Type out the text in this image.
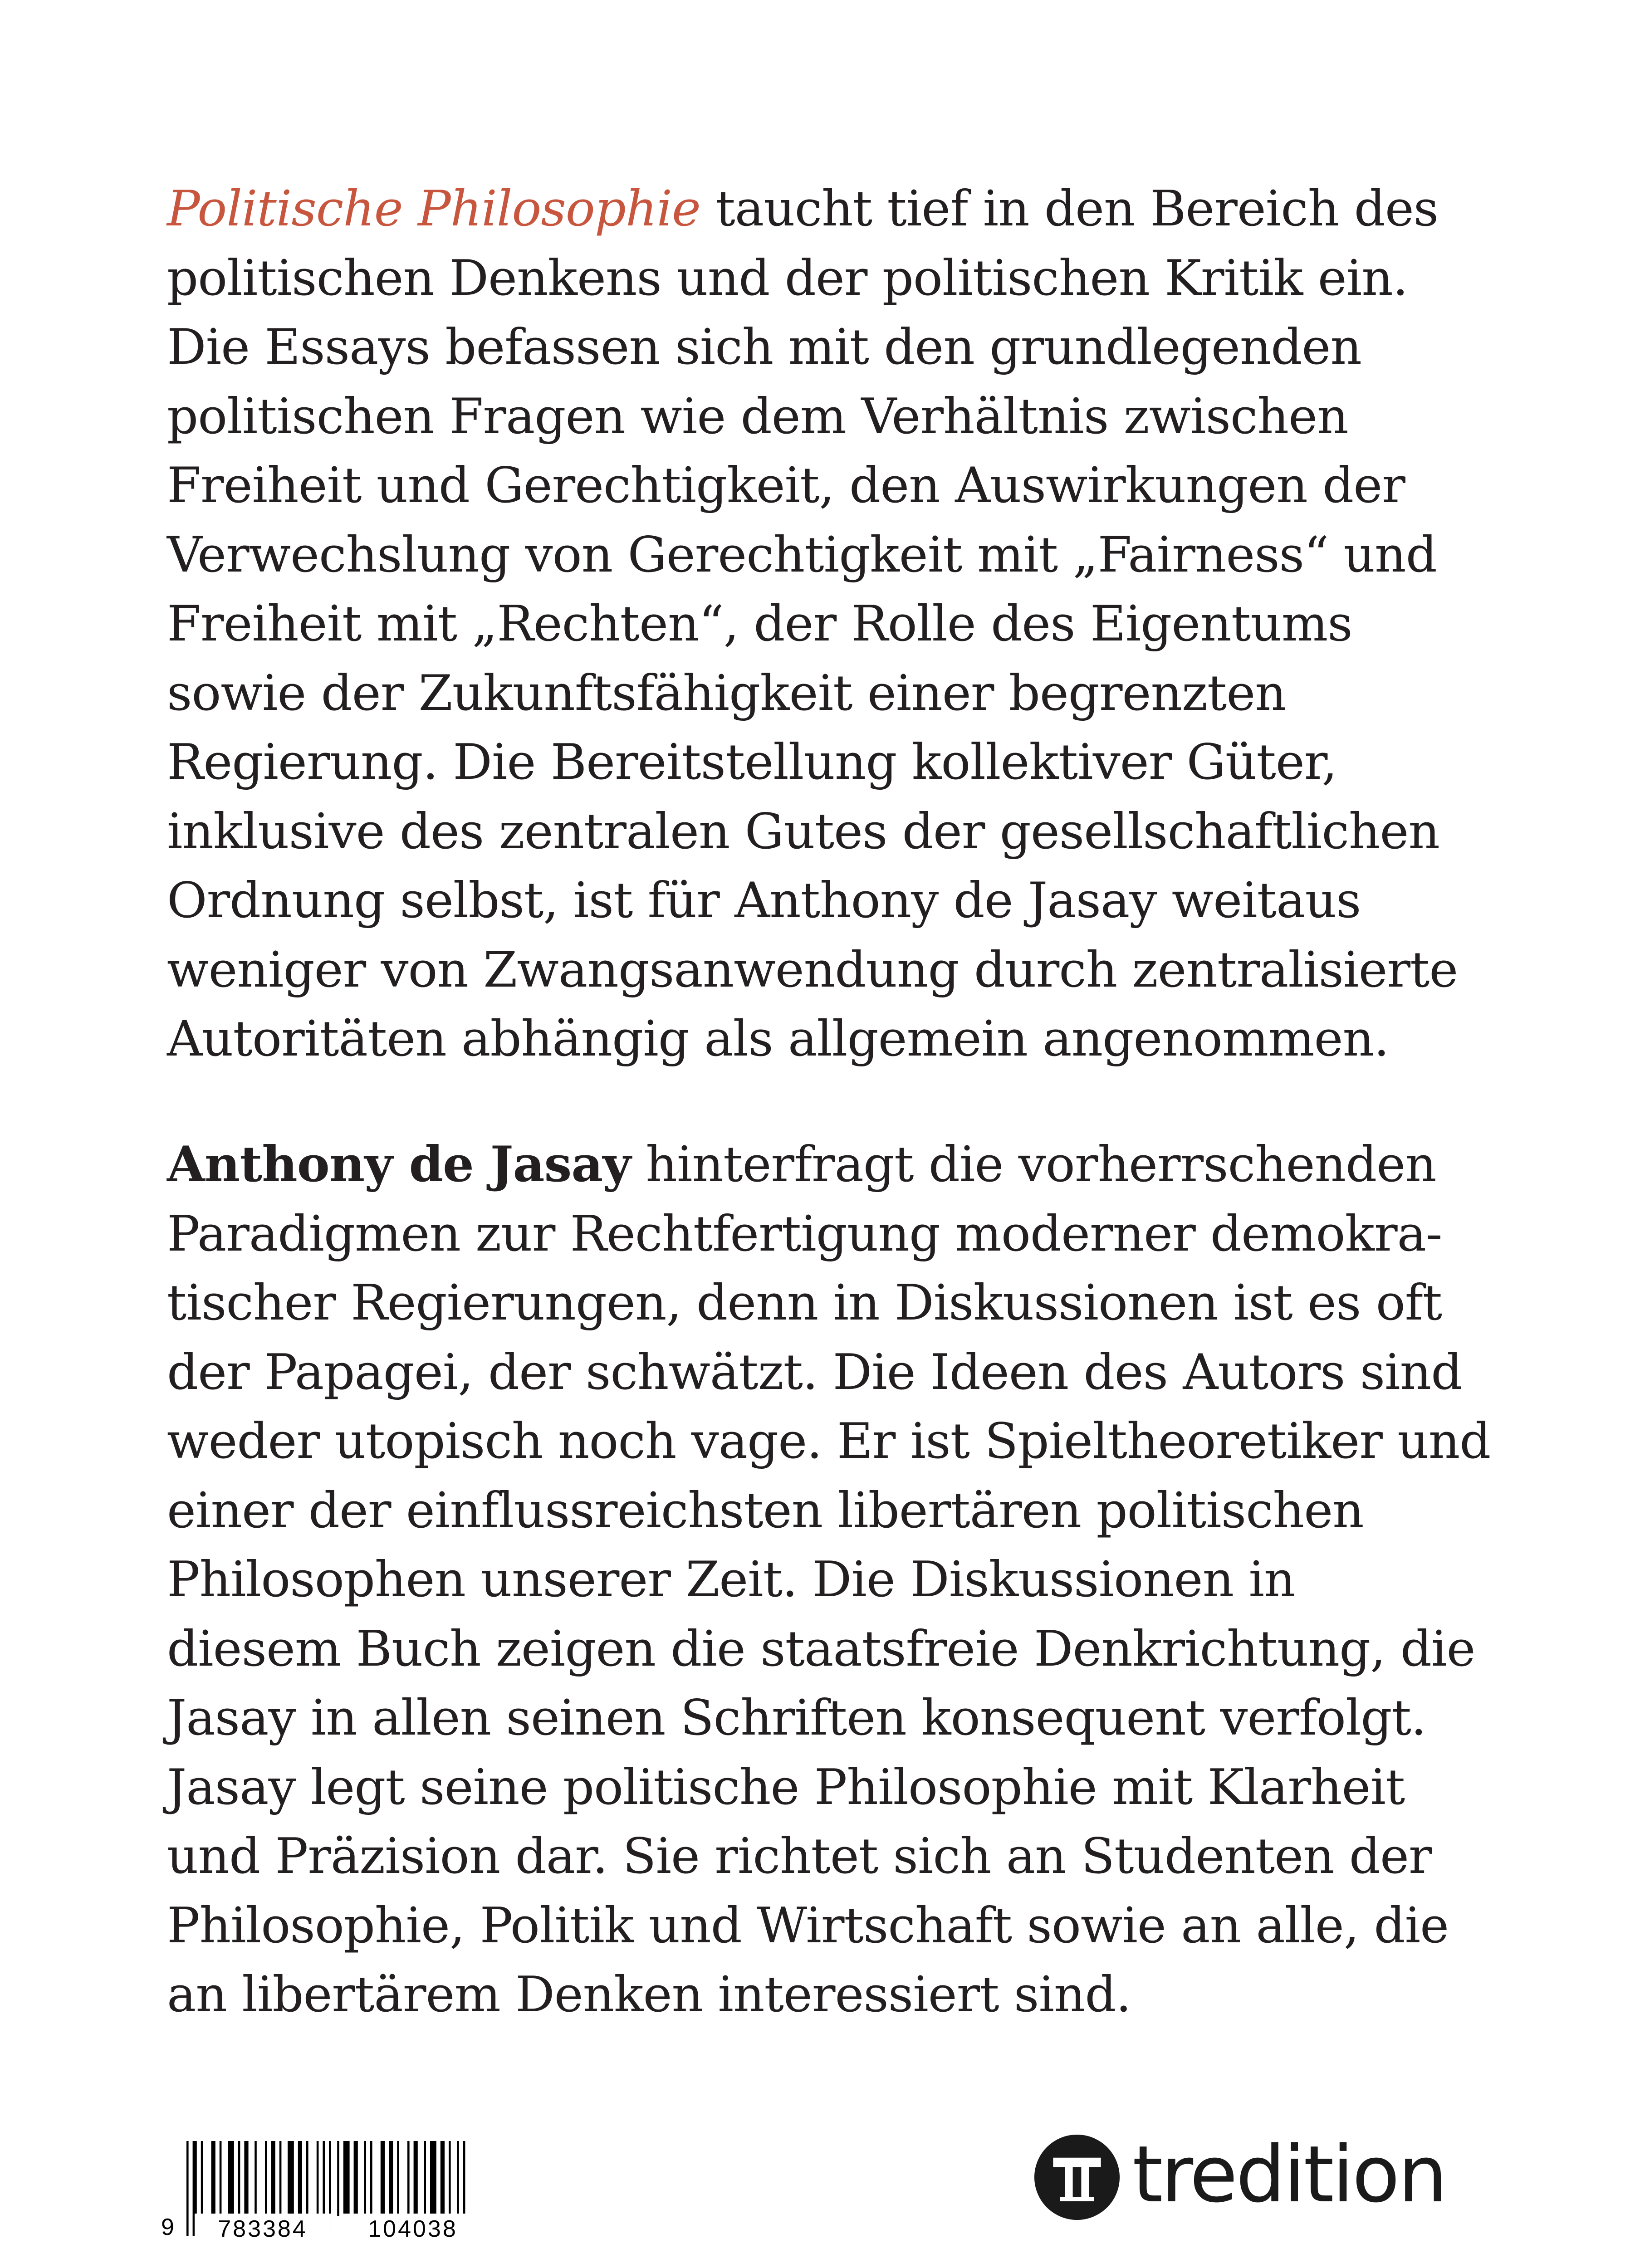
Politische Philosophie taucht tief in den Bereich des
politischen Denkens und der politischen Kritik ein.
Die Essays befassen sich mit den grundlegenden
politischen Fragen wie dem Verhältnis zwischen
Freiheit und Gerechtigkeit, den Auswirkungen der
Verwechslung von Gerechtigkeit mit „Fairness“ und
Freiheit mit „Rechten“, der Rolle des Eigentums
sowie der Zukunftsfähigkeit einer begrenzten
Regierung. Die Bereitstellung kollektiver Güter,
inklusive des zentralen Gutes der gesellschaftlichen
Ordnung selbst, ist für Anthony de Jasay weitaus
weniger von Zwangsanwendung durch zentralisierte
Autoritäten abhängig als allgemein angenommen.
Anthony de Jasay hinterfragt die vorherrschenden
Paradigmen zur Rechtfertigung moderner demokra-
tischer Regierungen, denn in Diskussionen ist es oft
der Papagei, der schwätzt. Die Ideen des Autors sind
weder utopisch noch vage. Er ist Spieltheoretiker und
einer der einflussreichsten libertären politischen
Philosophen unserer Zeit. Die Diskussionen in
diesem Buch zeigen die staatsfreie Denkrichtung, die
Jasay in allen seinen Schriften konsequent verfolgt.
Jasay legt seine politische Philosophie mit Klarheit
und Präzision dar. Sie richtet sich an Studenten der
Philosophie, Politik und Wirtschaft sowie an alle, die
an libertärem Denken interessiert sind.
9	783384	104038
tredition
